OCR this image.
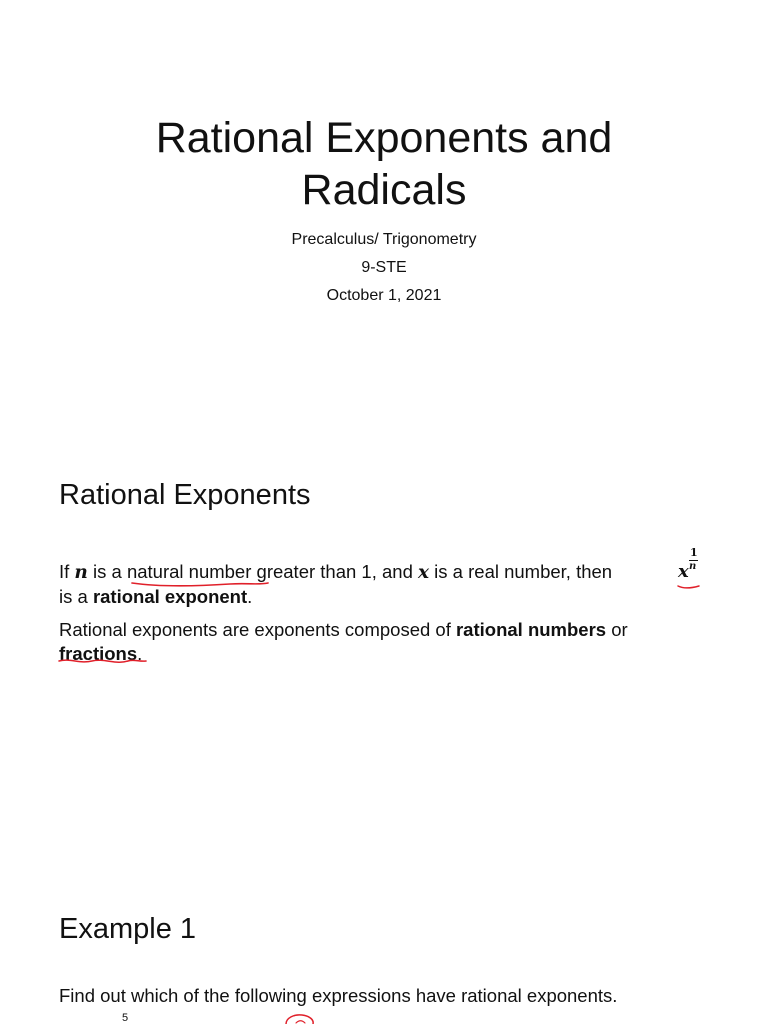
Rational Exponents and
Radicals
Precalculus/ Trigonometry
9-STE
October 1, 2021
Rational Exponents

If n is a natural number greater than 1, and x is a real number, then
is a rational exponent.

x
1
n

Rational exponents are exponents composed of rational numbers or
fractions.

Example 1

Find out which of the following expressions have rational exponents.

5
